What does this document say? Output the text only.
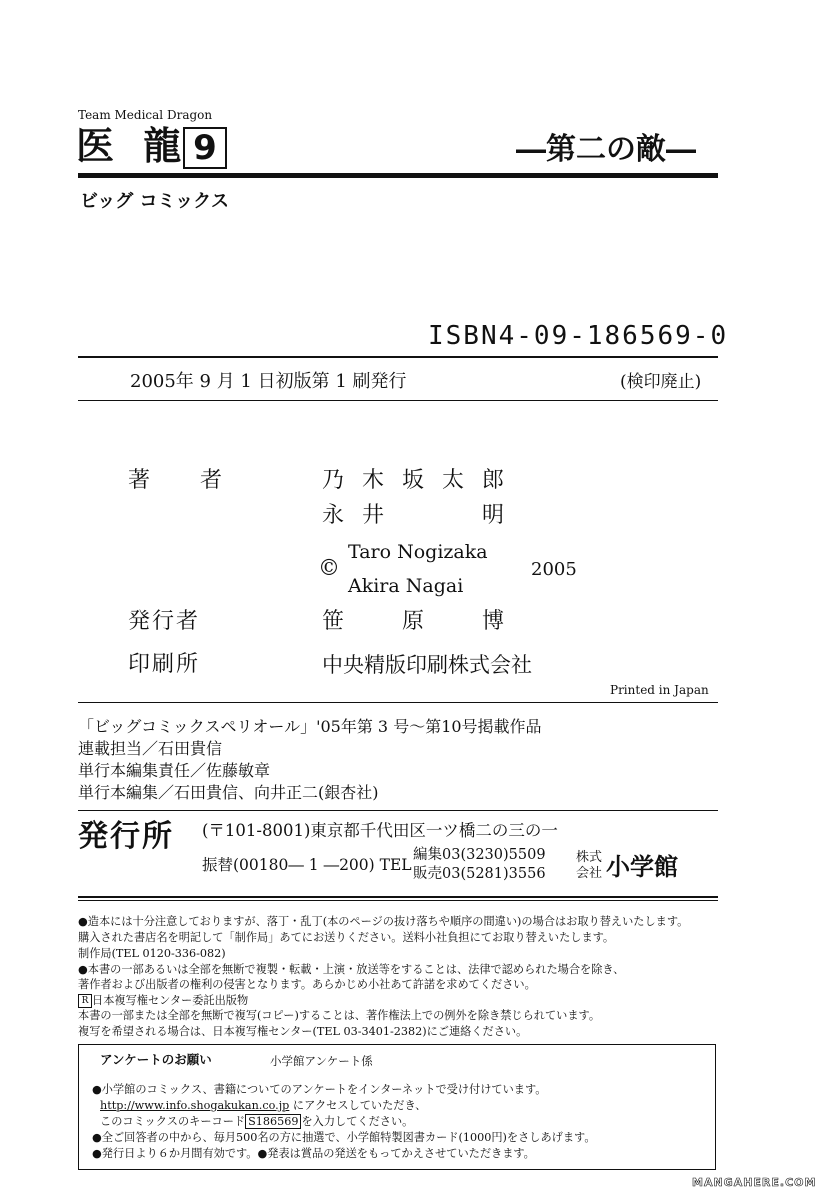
Team Medical Dragon
医 龍 9	―第二の敵―
ビッグ コミックス
ISBN4-09-186569-0
2005年 9 月 1 日初版第 1 刷発行	(検印廃止)
著　者	乃木坂太郎
永井　　明
©
Taro Nogizaka
Akira Nagai
2005
発行者	笹　原　博
印刷所	中央精版印刷株式会社
Printed in Japan
「ビッグコミックスペリオール」'05年第 3 号～第10号掲載作品
連載担当／石田貴信
単行本編集責任／佐藤敏章
単行本編集／石田貴信、向井正二(銀杏社)
発行所 (〒101-8001)東京都千代田区一ツ橋二の三の一
振替(00180― 1 ―200) TEL
編集03(3230)5509
販売03(5281)3556
株式
会社 小学館
●造本には十分注意しておりますが、落丁・乱丁(本のページの抜け落ちや順序の間違い)の場合はお取り替えいたします。
購入された書店名を明記して「制作局」あてにお送りください。送料小社負担にてお取り替えいたします。
制作局(TEL 0120-336-082)
●本書の一部あるいは全部を無断で複製・転載・上演・放送等をすることは、法律で認められた場合を除き、
著作者および出版者の権利の侵害となります。あらかじめ小社あて許諾を求めてください。
R 日本複写権センター委託出版物
本書の一部または全部を無断で複写(コピー)することは、著作権法上での例外を除き禁じられています。
複写を希望される場合は、日本複写権センター(TEL 03-3401-2382)にご連絡ください。
アンケートのお願い	小学館アンケート係
●小学館のコミックス、書籍についてのアンケートをインターネットで受け付けています。
http://www.info.shogakukan.co.jp にアクセスしていただき、
このコミックスのキーコード S186569 を入力してください。
●全ご回答者の中から、毎月500名の方に抽選で、小学館特製図書カード(1000円)をさしあげます。
●発行日より６か月間有効です。●発表は賞品の発送をもってかえさせていただきます。
MANGAHERE.COM
